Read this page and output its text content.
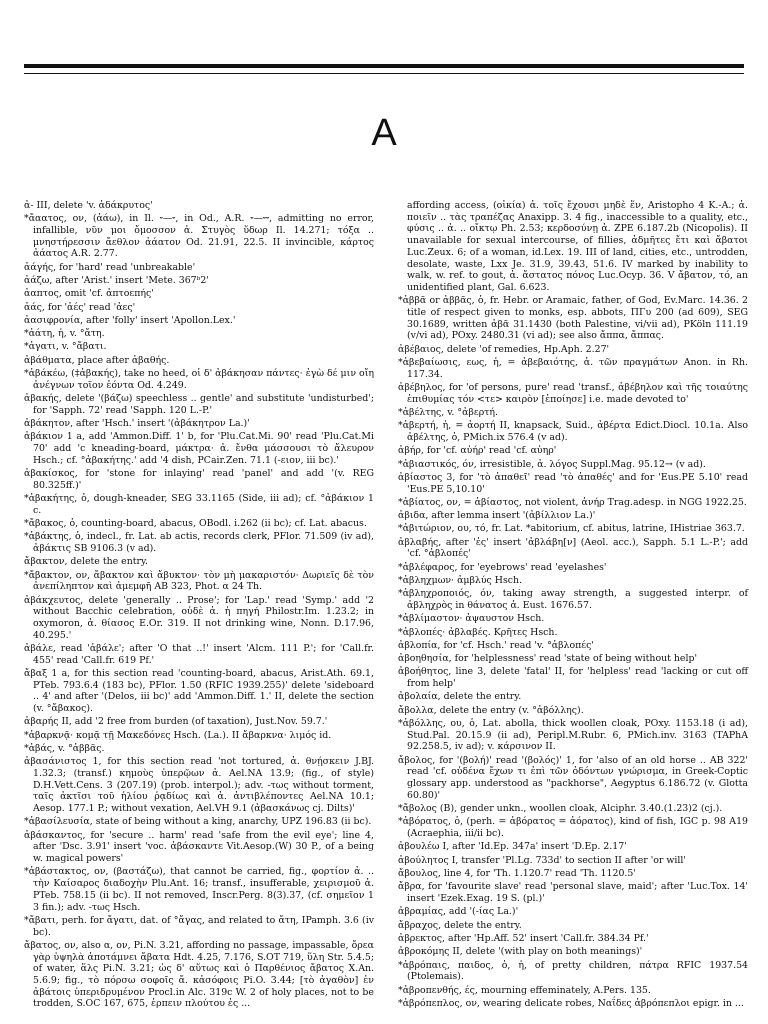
A

ἀ- III, delete 'v. ἀδάκρυτος'

*ἄαατος, ον, (ἀάω), in Il. ⏑—⏑, in Od., A.R. ⏑—⏑⏑, admitting no error, infallible, νῦν μοι ὄμοσσον ἀ. Στυγὸς ὕδωρ Il. 14.271; τόξα .. μνηστήρεσσιν ἄεθλον ἀάατον Od. 21.91, 22.5. II invincible, κάρτος ἀάατος A.R. 2.77.

ἀάγής, for 'hard' read 'unbreakable'

ἀάζω, after 'Arist.' insert 'Mete. 367ᵇ2'

ἀαπτος, omit 'cf. ἀπτοεπής'

ἀάς, for 'ἀές' read 'ἀες'

ἀασιφρονία, after 'folly' insert 'Apollon.Lex.'

*ἀάτη, ἡ, v. °ἄτη.

*ἀγατι, v. °ἄβατι.

ἀβάθματα, place after ἀβαθής.

*ἀβάκέω, (‡ἀβακής), take no heed, οἱ δ' ἀβάκησαν πάντες· ἐγὼ δέ μιν οἴη ἀνέγνων τοῖον ἐόντα Od. 4.249.

ἀβακής, delete '(βάζω) speechless .. gentle' and substitute 'undisturbed'; for 'Sapph. 72' read 'Sapph. 120 L.-P.'

ἀβάκητον, after 'Hsch.' insert '(ἀβάκητρον La.)'

ἀβάκιον 1 a, add 'Ammon.Diff. 1' b, for 'Plu.Cat.Mi. 90' read 'Plu.Cat.Mi 70' add 'c kneading-board, μάκτρα· ἀ. ἔνθα μάσσουσι τὸ ἄλευρον Hsch.; cf. °ἀβακήτης.' add '4 dish, PCair.Zen. 71.1 (-ειον, iii bc).'

ἀβακίσκος, for 'stone for inlaying' read 'panel' and add '(v. REG 80.325ff.)'

*ἀβακήτης, ὁ, dough-kneader, SEG 33.1165 (Side, iii ad); cf. °ἀβάκιον 1 c.

*ἄβακος, ὁ, counting-board, abacus, OBodl. i.262 (ii bc); cf. Lat. abacus.

*ἀβάκτης, ὁ, indecl., fr. Lat. ab actis, records clerk, PFlor. 71.509 (iv ad), ἀβάκτις SB 9106.3 (v ad).

ἄβακτον, delete the entry.

*ἄβακτον, ον, ἄβακτον καὶ ἄβυκτον· τὸν μὴ μακαριστόν· Δωριεῖς δὲ τὸν ἀνεπίληπτον καὶ ἀμεμφῆ AB 323, Phot. α 24 Th.

ἀβάκχευτος, delete 'generally .. Prose'; for 'Lap.' read 'Symp.' add '2 without Bacchic celebration, οὐδὲ ἀ. ἡ πηγή Philostr.Im. 1.23.2; in oxymoron, ἀ. θίασος E.Or. 319. II not drinking wine, Nonn. D.17.96, 40.295.'

ἀβάλε, read 'ἀβάλε'; after 'O that ..!' insert 'Alcm. 111 P.'; for 'Call.fr. 455' read 'Call.fr. 619 Pf.'

ἄβαξ 1 a, for this section read 'counting-board, abacus, Arist.Ath. 69.1, PTeb. 793.6.4 (183 bc), PFlor. 1.50 (RFIC 1939.255)' delete 'sideboard .. 4' and after '(Delos, iii bc)' add 'Ammon.Diff. 1.' II, delete the section (v. °ἄβακος).

ἀβαρής II, add '2 free from burden (of taxation), Just.Nov. 59.7.'

*ἀβαρκνᾷ· κομᾷ τῇ Μακεδόνες Hsch. (La.). II ἄβαρκνα· λιμός id.

*ἀβάς, v. °ἀββᾶς.

ἀβασάνιστος 1, for this section read 'not tortured, ἀ. θνῄσκειν J.BJ. 1.32.3; (transf.) κημοὺς ὑπερῷων ἀ. Ael.NA 13.9; (fig., of style) D.H.Vett.Cens. 3 (207.19) (prob. interpol.); adv. -τως without torment, ταῖς ἀκτῖσι τοῦ ἡλίου ῥᾳδίως καὶ ἀ. ἀντιβλέποντες Ael.NA 10.1; Aesop. 177.1 P.; without vexation, Ael.VH 9.1 (ἀβασκάνως cj. Dilts)'

*ἀβασίλευσία, state of being without a king, anarchy, UPZ 196.83 (ii bc).

ἀβάσκαντος, for 'secure .. harm' read 'safe from the evil eye'; line 4, after 'Dsc. 3.91' insert 'voc. ἀβάσκαντε Vit.Aesop.(W) 30 P., of a being w. magical powers'

*ἀβάστακτος, ον, (βαστάζω), that cannot be carried, fig., φορτίον ἀ. .. τὴν Καίσαρος διαδοχὴν Plu.Ant. 16; transf., insufferable, χειρισμοῦ ἀ. PTeb. 758.15 (ii bc). II not removed, Inscr.Perg. 8(3).37, (cf. σημεῖον 1 3 fin.); adv. -τως Hsch.

*ἄβατι, perh. for ἄγατι, dat. of °ἄγας, and related to ἄτη, IPamph. 3.6 (iv bc).

ἄβατος, ον, also α, ον, Pi.N. 3.21, affording no passage, impassable, ὄρεα γὰρ ὑψηλὰ ἀποτάμνει ἄβατα Hdt. 4.25, 7.176, S.OT 719, ὕλη Str. 5.4.5; of water, ἅλς Pi.N. 3.21; ὡς δ' αὕτως καὶ ὁ Παρθένιος ἄβατος X.An. 5.6.9; fig., τὸ πόρσω σοφοῖς ἄ. κἀσόφοις Pi.O. 3.44; [τὸ ἀγαθὸν] ἐν ἀβάτοις ὑπεριδρυμένον Procl.in Alc. 319c W. 2 of holy places, not to be trodden, S.OC 167, 675, ἐρπειν πλούτου ἐς ...

affording access, (οἰκία) ἀ. τοῖς ἔχουσι μηδὲ ἕν, Aristopho 4 K.-A.; ἀ. ποιεῖν .. τὰς τραπέζας Anaxipp. 3. 4 fig., inaccessible to a quality, etc., φύσις .. ἀ. .. οἴκτῳ Ph. 2.53; κερδοσύνῃ ἀ. ZPE 6.187.2b (Nicopolis). II unavailable for sexual intercourse, of fillies, ἀδμῆτες ἔτι καὶ ἄβατοι Luc.Zeux. 6; of a woman, id.Lex. 19. III of land, cities, etc., untrodden, desolate, waste, Lxx Je. 31.9, 39.43, 51.6. IV marked by inability to walk, w. ref. to gout, ἀ. ἄστατος πόνος Luc.Ocyp. 36. V ἄβατον, τό, an unidentified plant, Gal. 6.623.

*ἀββᾶ or ἀββᾶς, ὁ, fr. Hebr. or Aramaic, father, of God, Ev.Marc. 14.36. 2 title of respect given to monks, esp. abbots, ΠΓυ 200 (ad 609), SEG 30.1689, written ἀβᾶ 31.1430 (both Palestine, vi/vii ad), PKöln 111.19 (v/vi ad), POxy. 2480.31 (vi ad); see also ἄππα, ἄππας.

ἀβέβαιος, delete 'of remedies, Hp.Aph. 2.27'

*ἀβεβαίωσις, εως, ἡ, = ἀβεβαιότης, ἀ. τῶν πραγμάτων Anon. in Rh. 117.34.

ἀβέβηλος, for 'of persons, pure' read 'transf., ἀβέβηλον καὶ τῆς τοιαύτης ἐπιθυμίας τόν <τε> καιρὸν [ἐποίησε] i.e. made devoted to'

*ἀβέλτης, v. °ἀβερτή.

*ἀβερτή, ἡ, = ἀορτή II, knapsack, Suid., ἀβέρτα Edict.Diocl. 10.1a. Also ἀβέλτης, ὁ, PMich.ix 576.4 (v ad).

ἀβήρ, for 'cf. αὐήρ' read 'cf. αὐηρ'

*ἀβιαστικός, όν, irresistible, ἀ. λόγος Suppl.Mag. 95.12→ (v ad).

ἀβίαστος 3, for 'τὸ ἀπαθεῖ' read 'τὸ ἀπαθές' and for 'Eus.PE 5.10' read 'Eus.PE 5,10.10'

*ἀβίατος, ον, = ἀβίαστος, not violent, ἀνήρ Trag.adesp. in NGG 1922.25.

ἀβιδα, after lemma insert '(ἀβίλλιον La.)'

*ἀβιτώριον, ου, τό, fr. Lat. *abitorium, cf. abitus, latrine, IHistriae 363.7.

ἀβλαβής, after 'ἐς' insert 'ἀβλάβη[ν] (Aeol. acc.), Sapph. 5.1 L.-P.'; add 'cf. °ἀβλοπές'

*ἀβλέφαρος, for 'eyebrows' read 'eyelashes'

*ἀβληχμων· ἀμβλύς Hsch.

*ἀβληχροποιός, όν, taking away strength, a suggested interpr. of ἀβληχρὸς in θάνατος ἀ. Eust. 1676.57.

*ἀβλίμαστον· ἀψαυστον Hsch.

*ἀβλοπές· ἀβλαβές. Κρῆτες Hsch.

ἀβλοπία, for 'cf. Hsch.' read 'v. °ἀβλοπές'

ἀβοηθησία, for 'helplessness' read 'state of being without help'

ἀβοήθητος, line 3, delete 'fatal' II, for 'helpless' read 'lacking or cut off from help'

ἀβολαία, delete the entry.

ἄβολλα, delete the entry (v. °ἀβόλλης).

*ἀβόλλης, ου, ὁ, Lat. abolla, thick woollen cloak, POxy. 1153.18 (i ad), Stud.Pal. 20.15.9 (ii ad), Peripl.M.Rubr. 6, PMich.inv. 3163 (TAPhA 92.258.5, iv ad); v. κάρσινον II.

ἄβολος, for '(βολή)' read '(βολός)' 1, for 'also of an old horse .. AB 322' read 'cf. οὐδένα ἔχων τι ἐπὶ τῶν ὀδόντων γνώρισμα, in Greek-Coptic glossary app. understood as "packhorse", Aegyptus 6.186.72 (v. Glotta 60.80)'

*ἄβολος (B), gender unkn., woollen cloak, Alciphr. 3.40.(1.23)2 (cj.).

*ἀβόρατος, ὁ, (perh. = ἀβόρατος = ἀόρατος), kind of fish, IGC p. 98 A19 (Acraephia, iii/ii bc).

ἀβουλέω I, after 'Id.Ep. 347a' insert 'D.Ep. 2.17'

ἀβούλητος I, transfer 'Pl.Lg. 733d' to section II after 'or will'

ἄβουλος, line 4, for 'Th. 1.120.7' read 'Th. 1120.5'

ἄβρα, for 'favourite slave' read 'personal slave, maid'; after 'Luc.Tox. 14' insert 'Ezek.Exag. 19 S. (pl.)'

ἀβραμίας, add '(-ίας La.)'

ἄβραχος, delete the entry.

ἀβρεκτος, after 'Hp.Aff. 52' insert 'Call.fr. 384.34 Pf.'

ἀβροκόμης II, delete '(with play on both meanings)'

*ἀβρόπαις, παιδος, ὁ, ἡ, of pretty children, πάτρα RFIC 1937.54 (Ptolemais).

*ἀβροπενθής, ές, mourning effeminately, A.Pers. 135.

*ἀβρόπεπλος, ον, wearing delicate robes, Ναΐδες ἀβρόπεπλοι epigr. in ...
